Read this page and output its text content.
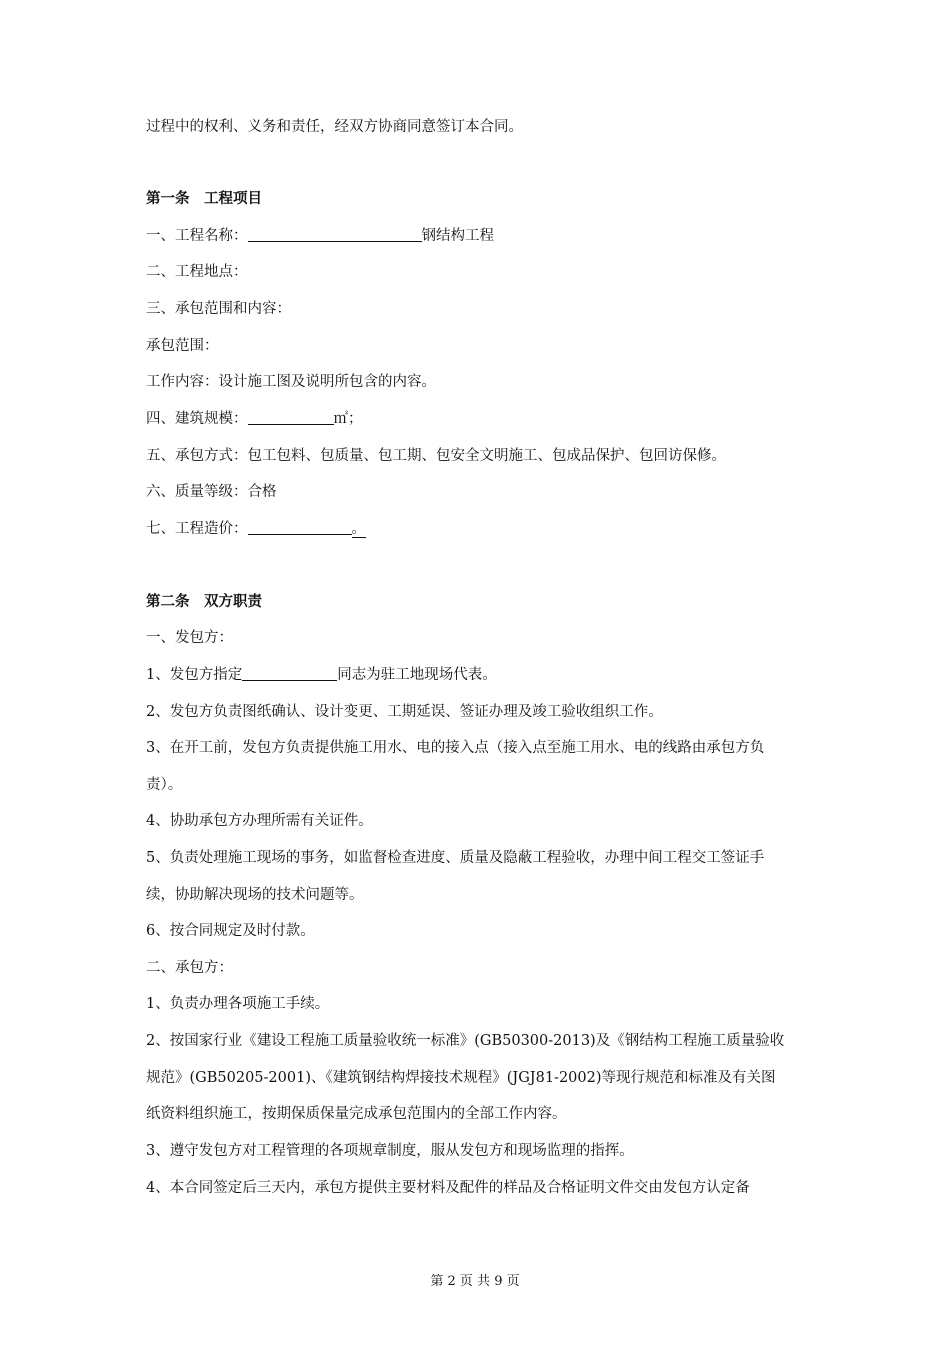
过程中的权利、义务和责任，经双方协商同意签订本合同。
第一条　工程项目
一、工程名称：	钢结构工程
二、工程地点：
三、承包范围和内容：
承包范围：
工作内容：设计施工图及说明所包含的内容。
四、建筑规模：	㎡；
五、承包方式：包工包料、包质量、包工期、包安全文明施工、包成品保护、包回访保修。
六、质量等级：合格
七、工程造价：	。
第二条　双方职责
一、发包方：
1、发包方指定	同志为驻工地现场代表。
2、发包方负责图纸确认、设计变更、工期延误、签证办理及竣工验收组织工作。
3、在开工前，发包方负责提供施工用水、电的接入点（接入点至施工用水、电的线路由承包方负
责）。
4、协助承包方办理所需有关证件。
5、负责处理施工现场的事务，如监督检查进度、质量及隐蔽工程验收，办理中间工程交工签证手
续，协助解决现场的技术问题等。
6、按合同规定及时付款。
二、承包方：
1、负责办理各项施工手续。
2、按国家行业《建设工程施工质量验收统一标准》(GB50300-2013)及《钢结构工程施工质量验收
规范》(GB50205-2001)、《建筑钢结构焊接技术规程》(JGJ81-2002)等现行规范和标准及有关图
纸资料组织施工，按期保质保量完成承包范围内的全部工作内容。
3、遵守发包方对工程管理的各项规章制度，服从发包方和现场监理的指挥。
4、本合同签定后三天内，承包方提供主要材料及配件的样品及合格证明文件交由发包方认定备
第 2 页 共 9 页
